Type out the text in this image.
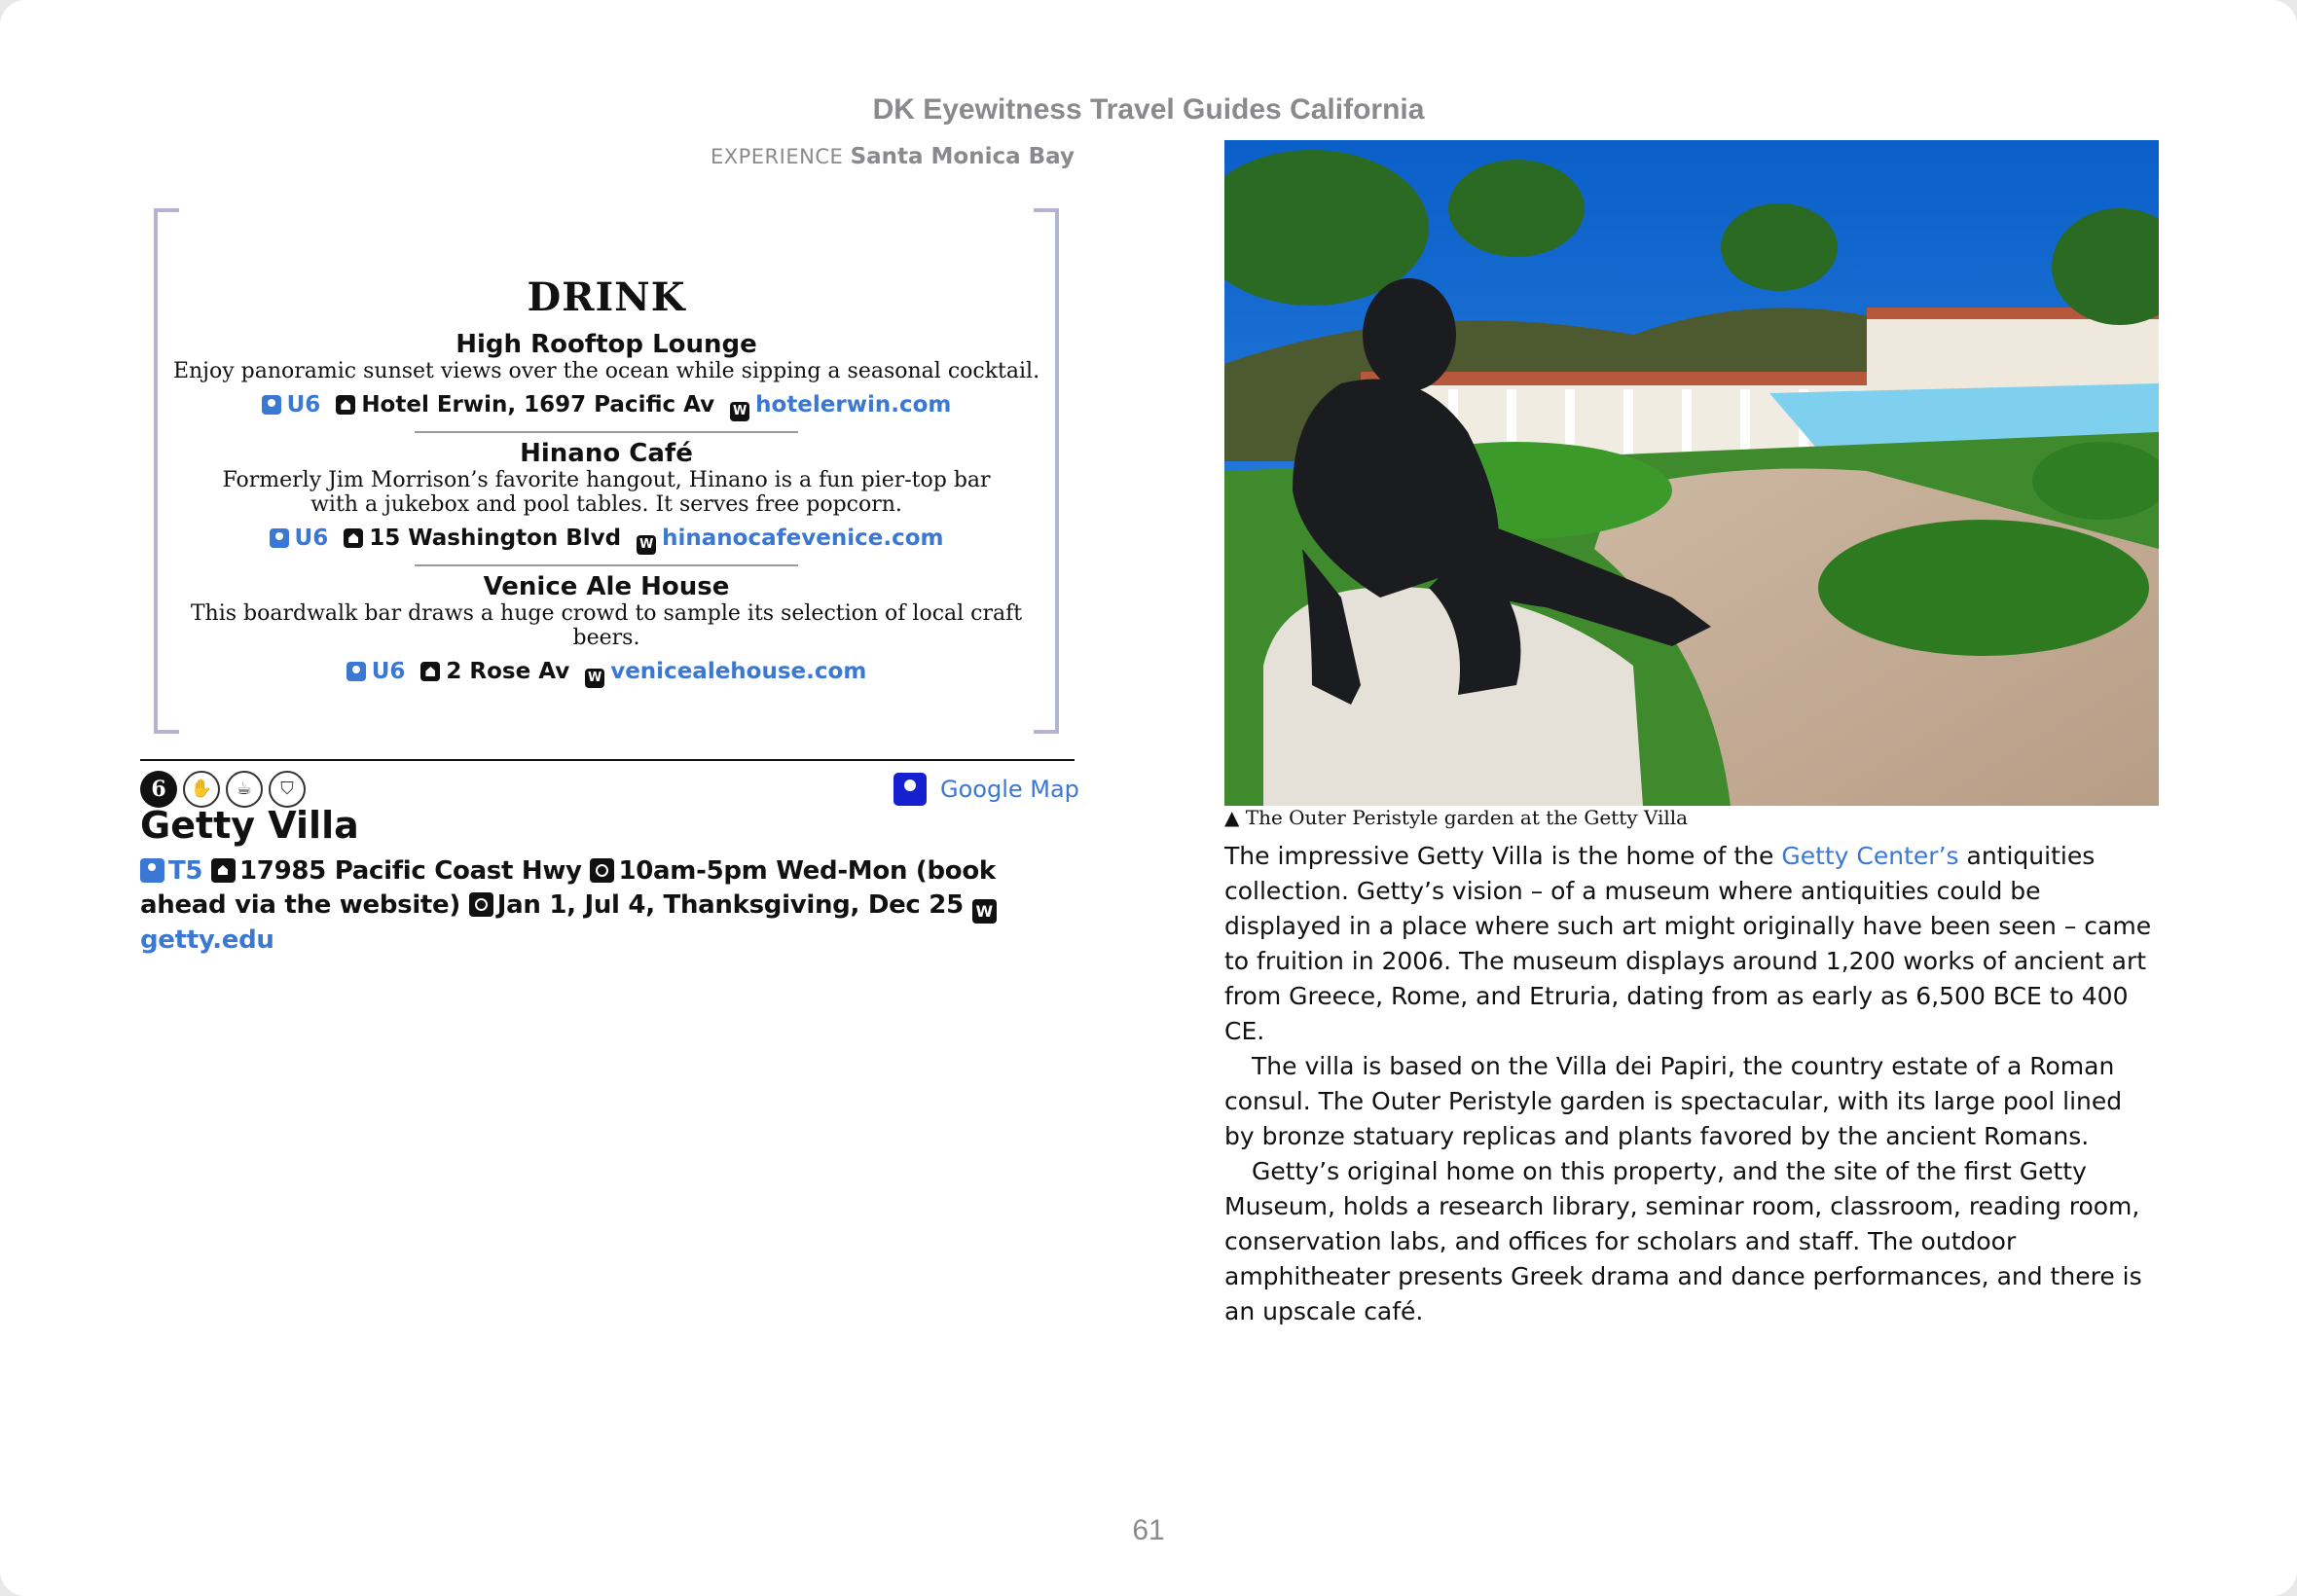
DK Eyewitness Travel Guides California
EXPERIENCE Santa Monica Bay
DRINK
High Rooftop Lounge
Enjoy panoramic sunset views over the ocean while sipping a seasonal cocktail.
U6 Hotel Erwin, 1697 Pacific Av W hotelerwin.com
Hinano Café
Formerly Jim Morrison’s favorite hangout, Hinano is a fun pier-top bar with a jukebox and pool tables. It serves free popcorn.
U6 15 Washington Blvd W hinanocafevenice.com
Venice Ale House
This boardwalk bar draws a huge crowd to sample its selection of local craft beers.
U6 2 Rose Av W venicealehouse.com
6	✋	☕	⛉	Google Map
Getty Villa
T5 17985 Pacific Coast Hwy 10am-5pm Wed-Mon (book ahead via the website) Jan 1, Jul 4, Thanksgiving, Dec 25 Wgetty.edu
▲ The Outer Peristyle garden at the Getty Villa

The impressive Getty Villa is the home of the Getty Center’s antiquities collection. Getty’s vision – of a museum where antiquities could be displayed in a place where such art might originally have been seen – came to fruition in 2006. The museum displays around 1,200 works of ancient art from Greece, Rome, and Etruria, dating from as early as 6,500 BCE to 400 CE.

The villa is based on the Villa dei Papiri, the country estate of a Roman consul. The Outer Peristyle garden is spectacular, with its large pool lined by bronze statuary replicas and plants favored by the ancient Romans.

Getty’s original home on this property, and the site of the first Getty Museum, holds a research library, seminar room, classroom, reading room, conservation labs, and offices for scholars and staff. The outdoor amphitheater presents Greek drama and dance performances, and there is an upscale café.

61
